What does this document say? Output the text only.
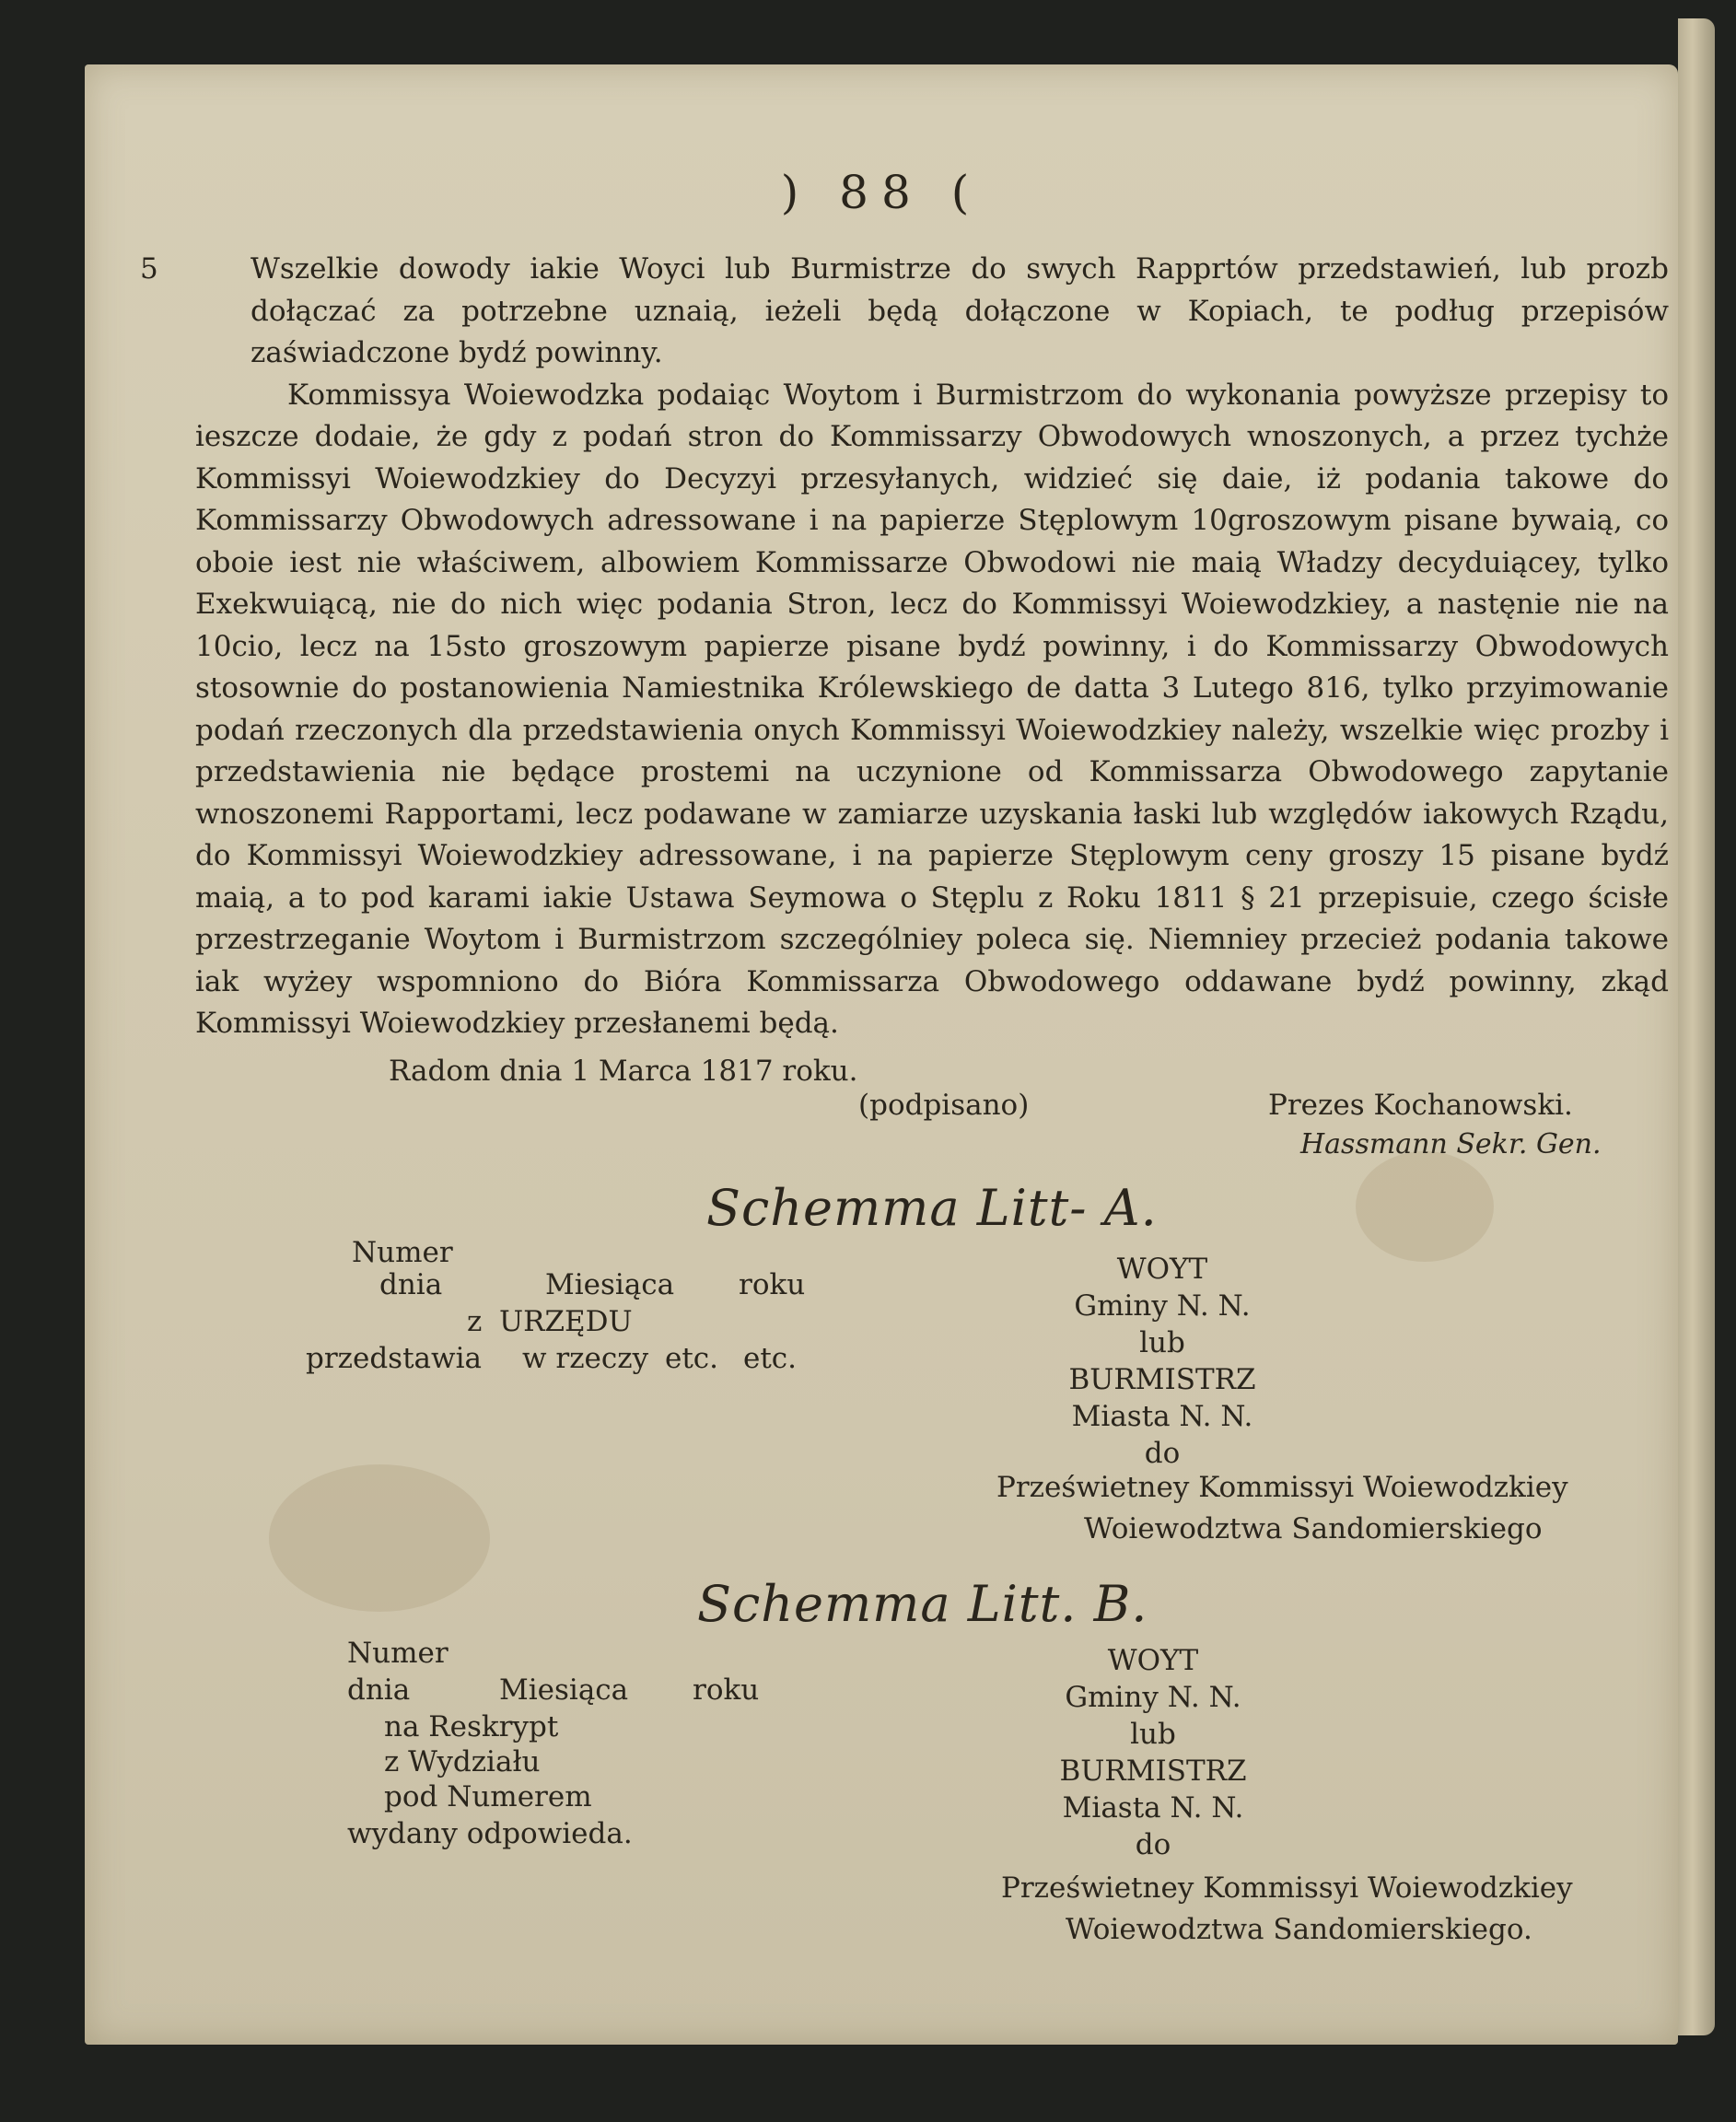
) 88 (

5	Wszelkie dowody iakie Woyci lub Burmistrze do swych Rapprtów przedstawień, lub prozb dołączać za potrzebne uznaią, ieżeli będą dołączone w Kopiach, te podług przepisów zaświadczone bydź powinny.

Kommissya Woiewodzka podaiąc Woytom i Burmistrzom do wykonania powyższe przepisy to ieszcze dodaie, że gdy z podań stron do Kommissarzy Obwodowych wnoszonych, a przez tychże Kommissyi Woiewodzkiey do Decyzyi przesyłanych, widzieć się daie, iż podania takowe do Kommissarzy Obwodowych adressowane i na papierze Stęplowym 10groszowym pisane bywaią, co oboie iest nie właściwem, albowiem Kommissarze Obwodowi nie maią Władzy decyduiącey, tylko Exekwuiącą, nie do nich więc podania Stron, lecz do Kommissyi Woiewodzkiey, a nastęnie nie na 10cio, lecz na 15sto groszowym papierze pisane bydź powinny, i do Kommissarzy Obwodowych stosownie do postanowienia Namiestnika Królewskiego de datta 3 Lutego 816, tylko przyimowanie podań rzeczonych dla przedstawienia onych Kommissyi Woiewodzkiey należy, wszelkie więc prozby i przedstawienia nie będące prostemi na uczynione od Kommissarza Obwodowego zapytanie wnoszonemi Rapportami, lecz podawane w zamiarze uzyskania łaski lub względów iakowych Rządu, do Kommissyi Woiewodzkiey adressowane, i na papierze Stęplowym ceny groszy 15 pisane bydź maią, a to pod karami iakie Ustawa Seymowa o Stęplu z Roku 1811 § 21 przepisuie, czego ścisłe przestrzeganie Woytom i Burmistrzom szczególniey poleca się. Niemniey przecież podania takowe iak wyżey wspomniono do Bióra Kommissarza Obwodowego oddawane bydź powinny, zkąd Kommissyi Woiewodzkiey przesłanemi będą.

Radom dnia 1 Marca 1817 roku.
(podpisano)	Prezes Kochanowski.
Hassmann Sekr. Gen.
Schemma Litt- A.
Numer
dnia	Miesiąca roku
z URZĘDU
przedstawia w rzeczy etc. etc.
WOYT
Gminy N. N.
lub
BURMISTRZ
Miasta N. N.
do
Prześwietney Kommissyi Woiewodzkiey
Woiewodztwa Sandomierskiego
Schemma Litt. B.
Numer
dnia	Miesiąca roku
na Reskrypt
z Wydziału
pod Numerem
wydany odpowieda.
WOYT
Gminy N. N.
lub
BURMISTRZ
Miasta N. N.
do
Prześwietney Kommissyi Woiewodzkiey
Woiewodztwa Sandomierskiego.
